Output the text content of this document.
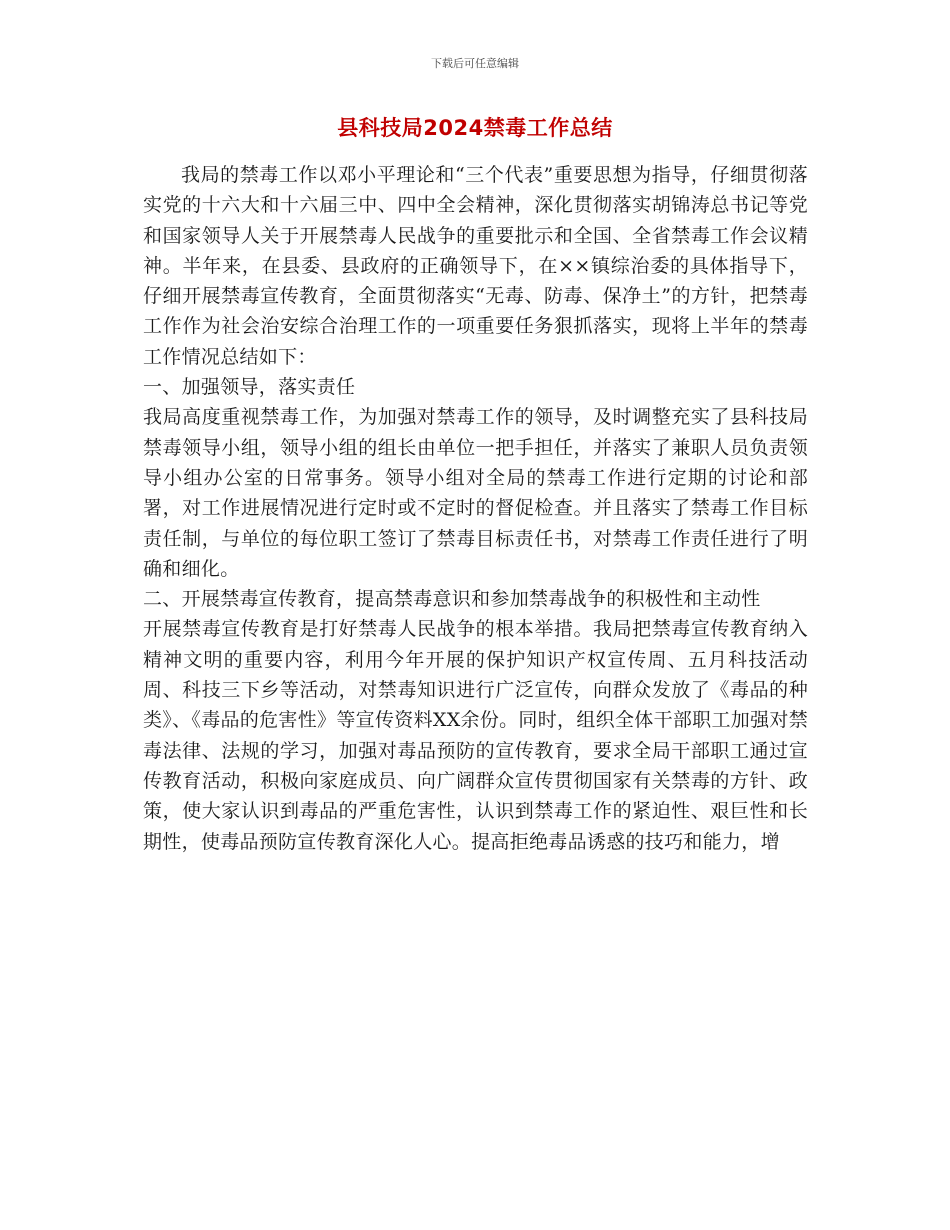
下载后可任意编辑
县科技局2024禁毒工作总结

我局的禁毒工作以邓小平理论和“三个代表”重要思想为指导，仔细贯彻落实党的十六大和十六届三中、四中全会精神，深化贯彻落实胡锦涛总书记等党和国家领导人关于开展禁毒人民战争的重要批示和全国、全省禁毒工作会议精神。半年来，在县委、县政府的正确领导下，在××镇综治委的具体指导下，仔细开展禁毒宣传教育，全面贯彻落实“无毒、防毒、保净土”的方针，把禁毒工作作为社会治安综合治理工作的一项重要任务狠抓落实，现将上半年的禁毒工作情况总结如下：

一、加强领导，落实责任

我局高度重视禁毒工作，为加强对禁毒工作的领导，及时调整充实了县科技局禁毒领导小组，领导小组的组长由单位一把手担任，并落实了兼职人员负责领导小组办公室的日常事务。领导小组对全局的禁毒工作进行定期的讨论和部署，对工作进展情况进行定时或不定时的督促检查。并且落实了禁毒工作目标责任制，与单位的每位职工签订了禁毒目标责任书，对禁毒工作责任进行了明确和细化。

二、开展禁毒宣传教育，提高禁毒意识和参加禁毒战争的积极性和主动性

开展禁毒宣传教育是打好禁毒人民战争的根本举措。我局把禁毒宣传教育纳入精神文明的重要内容，利用今年开展的保护知识产权宣传周、五月科技活动周、科技三下乡等活动，对禁毒知识进行广泛宣传，向群众发放了《毒品的种类》、《毒品的危害性》等宣传资料XX余份。同时，组织全体干部职工加强对禁毒法律、法规的学习，加强对毒品预防的宣传教育，要求全局干部职工通过宣传教育活动，积极向家庭成员、向广阔群众宣传贯彻国家有关禁毒的方针、政策，使大家认识到毒品的严重危害性，认识到禁毒工作的紧迫性、艰巨性和长期性，使毒品预防宣传教育深化人心。提高拒绝毒品诱惑的技巧和能力，增
